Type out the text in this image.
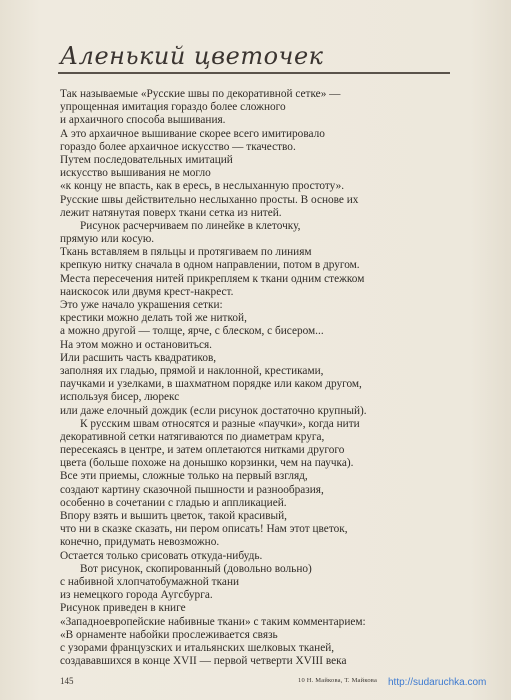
Аленький цветочек
Так называемые «Русские швы по декоративной сетке» —
упрощенная имитация гораздо более сложного
и архаичного способа вышивания.
А это архаичное вышивание скорее всего имитировало
гораздо более архаичное искусство — ткачество.
Путем последовательных имитаций
искусство вышивания не могло
«к концу не впасть, как в ересь, в неслыханную простоту».
Русские швы действительно неслыханно просты. В основе их
лежит натянутая поверх ткани сетка из нитей.
Рисунок расчерчиваем по линейке в клеточку,
прямую или косую.
Ткань вставляем в пяльцы и протягиваем по линиям
крепкую нитку сначала в одном направлении, потом в другом.
Места пересечения нитей прикрепляем к ткани одним стежком
наискосок или двумя крест-накрест.
Это уже начало украшения сетки:
крестики можно делать той же ниткой,
а можно другой — толще, ярче, с блеском, с бисером...
На этом можно и остановиться.
Или расшить часть квадратиков,
заполняя их гладью, прямой и наклонной, крестиками,
паучками и узелками, в шахматном порядке или каком другом,
используя бисер, люрекс
или даже елочный дождик (если рисунок достаточно крупный).
К русским швам относятся и разные «паучки», когда нити
декоративной сетки натягиваются по диаметрам круга,
пересекаясь в центре, и затем оплетаются нитками другого
цвета (больше похоже на донышко корзинки, чем на паучка).
Все эти приемы, сложные только на первый взгляд,
создают картину сказочной пышности и разнообразия,
особенно в сочетании с гладью и аппликацией.
Впору взять и вышить цветок, такой красивый,
что ни в сказке сказать, ни пером описать! Нам этот цветок,
конечно, придумать невозможно.
Остается только срисовать откуда-нибудь.
Вот рисунок, скопированный (довольно вольно)
с набивной хлопчатобумажной ткани
из немецкого города Аугсбурга.
Рисунок приведен в книге
«Западноевропейские набивные ткани» с таким комментарием:
«В орнаменте набойки прослеживается связь
с узорами французских и итальянских шелковых тканей,
создававшихся в конце XVII — первой четверти XVIII века
145	10 Н. Майкова, Т. Майкова http://sudaruchka.com
